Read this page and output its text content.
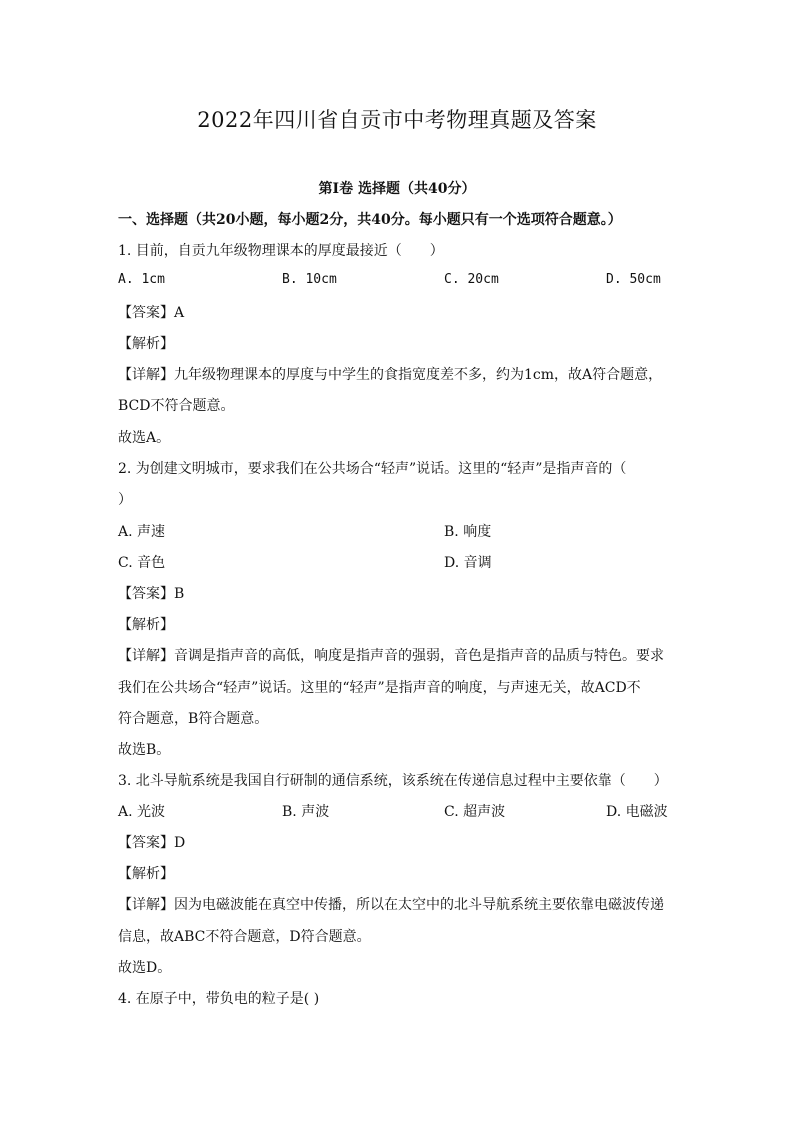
2022年四川省自贡市中考物理真题及答案
第Ⅰ卷 选择题（共40分）
一、选择题（共20小题，每小题2分，共40分。每小题只有一个选项符合题意。）
1. 目前，自贡九年级物理课本的厚度最接近（　　）
A. 1cm	B. 10cm	C. 20cm	D. 50cm
【答案】A
【解析】
【详解】九年级物理课本的厚度与中学生的食指宽度差不多，约为1cm，故A符合题意，
BCD不符合题意。
故选A。
2. 为创建文明城市，要求我们在公共场合“轻声”说话。这里的“轻声”是指声音的（
）
A. 声速	B. 响度
C. 音色	D. 音调
【答案】B
【解析】
【详解】音调是指声音的高低，响度是指声音的强弱，音色是指声音的品质与特色。要求
我们在公共场合“轻声”说话。这里的“轻声”是指声音的响度，与声速无关，故ACD不
符合题意，B符合题意。
故选B。
3. 北斗导航系统是我国自行研制的通信系统，该系统在传递信息过程中主要依靠（　　）
A. 光波	B. 声波	C. 超声波	D. 电磁波
【答案】D
【解析】
【详解】因为电磁波能在真空中传播，所以在太空中的北斗导航系统主要依靠电磁波传递
信息，故ABC不符合题意，D符合题意。
故选D。
4. 在原子中，带负电的粒子是( )
